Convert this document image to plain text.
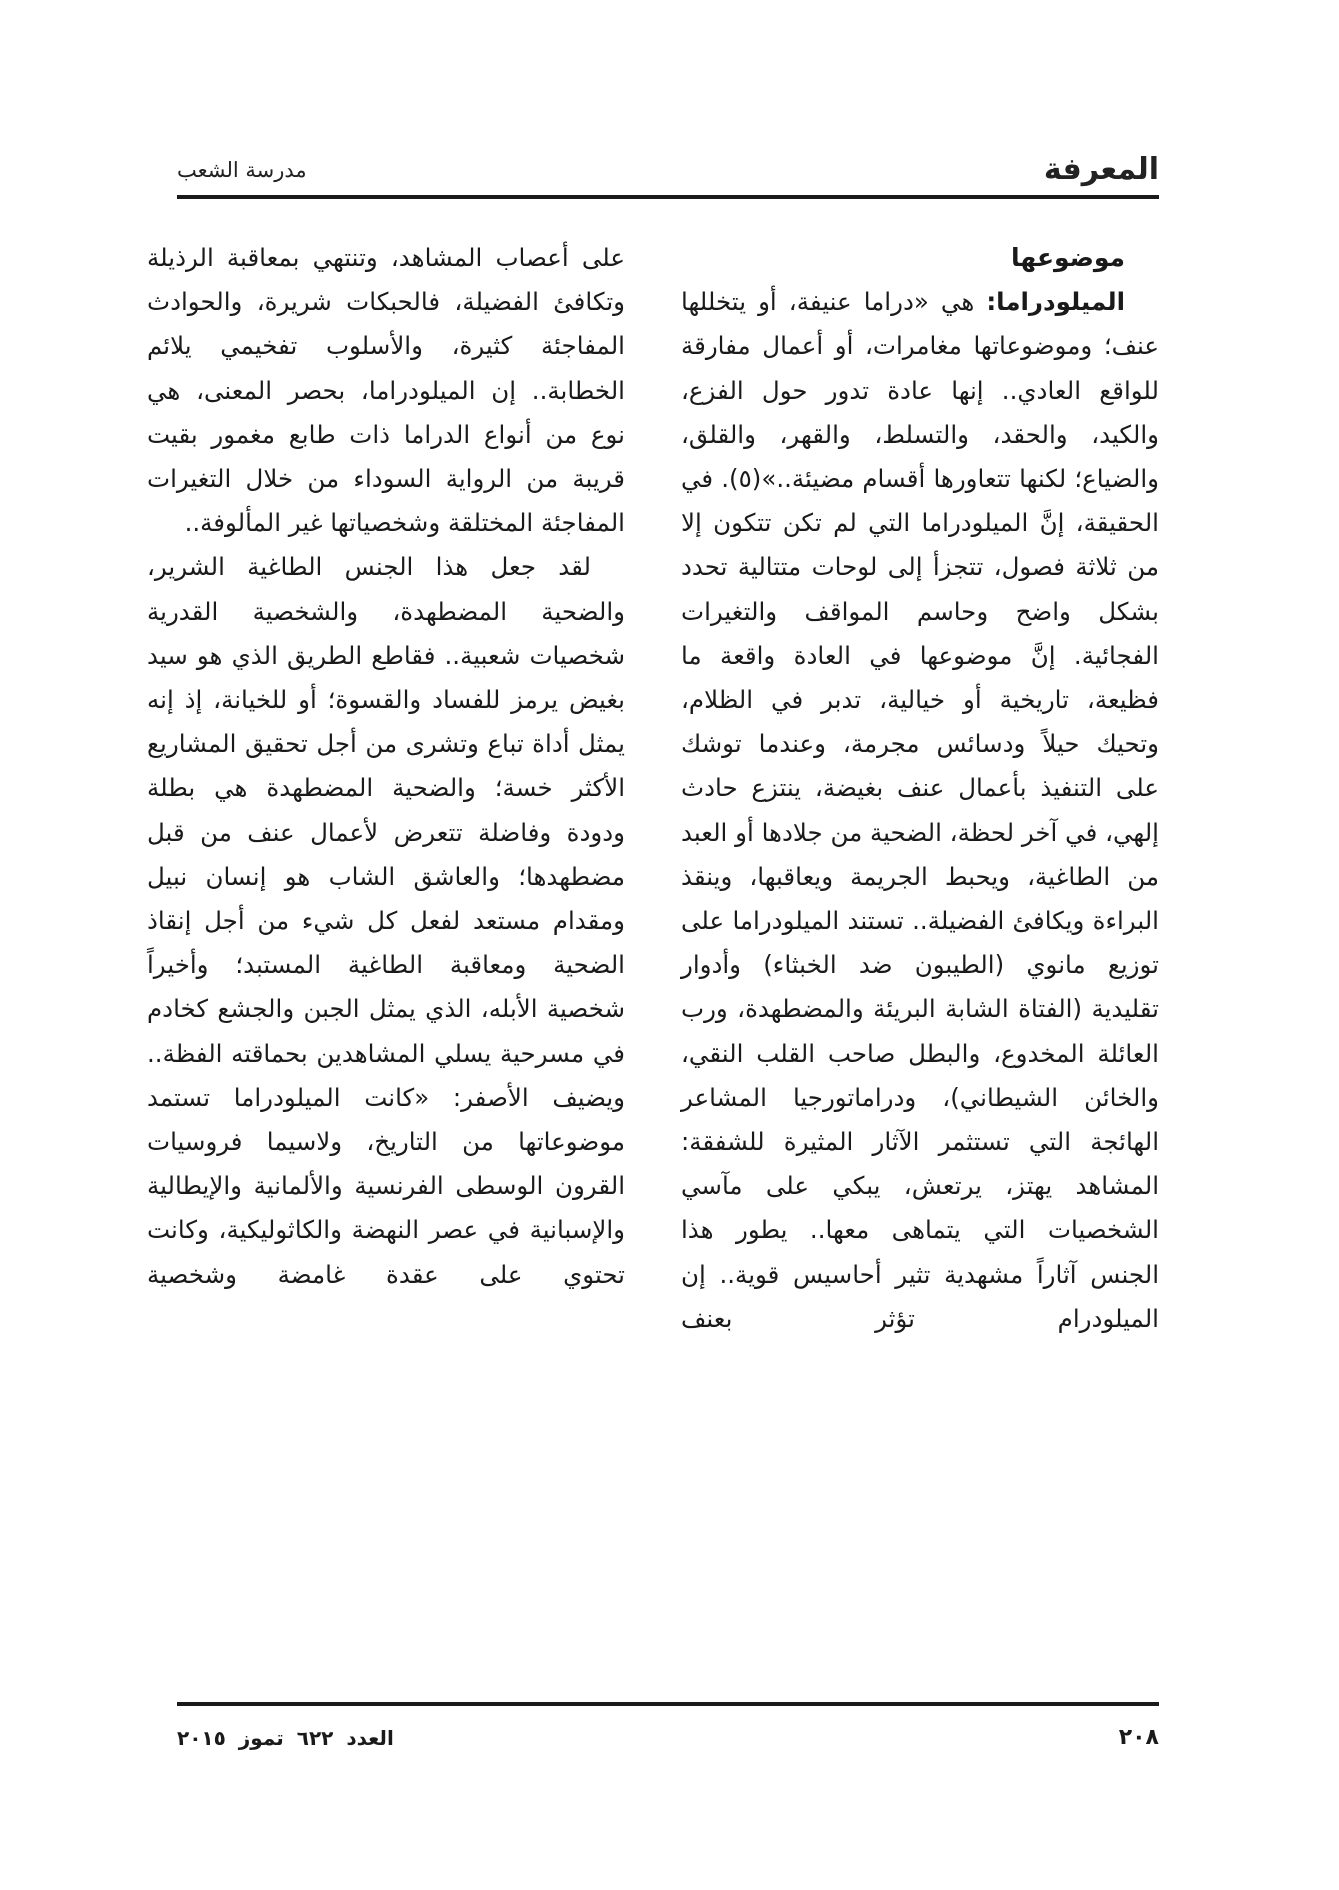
المعرفة
مدرسة الشعب
موضوعها

الميلودراما: هي «دراما عنيفة، أو يتخللها عنف؛ وموضوعاتها مغامرات، أو أعمال مفارقة للواقع العادي.. إنها عادة تدور حول الفزع، والكيد، والحقد، والتسلط، والقهر، والقلق، والضياع؛ لكنها تتعاورها أقسام مضيئة..»(٥). في الحقيقة، إنَّ الميلودراما التي لم تكن تتكون إلا من ثلاثة فصول، تتجزأ إلى لوحات متتالية تحدد بشكل واضح وحاسم المواقف والتغيرات الفجائية. إنَّ موضوعها في العادة واقعة ما فظيعة، تاريخية أو خيالية، تدبر في الظلام، وتحيك حيلاً ودسائس مجرمة، وعندما توشك على التنفيذ بأعمال عنف بغيضة، ينتزع حادث إلهي، في آخر لحظة، الضحية من جلادها أو العبد من الطاغية، ويحبط الجريمة ويعاقبها، وينقذ البراءة ويكافئ الفضيلة.. تستند الميلودراما على توزيع مانوي (الطيبون ضد الخبثاء) وأدوار تقليدية (الفتاة الشابة البريئة والمضطهدة، ورب العائلة المخدوع، والبطل صاحب القلب النقي، والخائن الشيطاني)، ودراماتورجيا المشاعر الهائجة التي تستثمر الآثار المثيرة للشفقة: المشاهد يهتز، يرتعش، يبكي على مآسي الشخصيات التي يتماهى معها.. يطور هذا الجنس آثاراً مشهدية تثير أحاسيس قوية.. إن الميلودرام تؤثر بعنف

على أعصاب المشاهد، وتنتهي بمعاقبة الرذيلة وتكافئ الفضيلة، فالحبكات شريرة، والحوادث المفاجئة كثيرة، والأسلوب تفخيمي يلائم الخطابة.. إن الميلودراما، بحصر المعنى، هي نوع من أنواع الدراما ذات طابع مغمور بقيت قريبة من الرواية السوداء من خلال التغيرات المفاجئة المختلقة وشخصياتها غير المألوفة..

لقد جعل هذا الجنس الطاغية الشرير، والضحية المضطهدة، والشخصية القدرية شخصيات شعبية.. فقاطع الطريق الذي هو سيد بغيض يرمز للفساد والقسوة؛ أو للخيانة، إذ إنه يمثل أداة تباع وتشرى من أجل تحقيق المشاريع الأكثر خسة؛ والضحية المضطهدة هي بطلة ودودة وفاضلة تتعرض لأعمال عنف من قبل مضطهدها؛ والعاشق الشاب هو إنسان نبيل ومقدام مستعد لفعل كل شيء من أجل إنقاذ الضحية ومعاقبة الطاغية المستبد؛ وأخيراً شخصية الأبله، الذي يمثل الجبن والجشع كخادم في مسرحية يسلي المشاهدين بحماقته الفظة.. ويضيف الأصفر: «كانت الميلودراما تستمد موضوعاتها من التاريخ، ولاسيما فروسيات القرون الوسطى الفرنسية والألمانية والإيطالية والإسبانية في عصر النهضة والكاثوليكية، وكانت تحتوي على عقدة غامضة وشخصية

٢٠٨
العدد ٦٢٢ تموز ٢٠١٥
